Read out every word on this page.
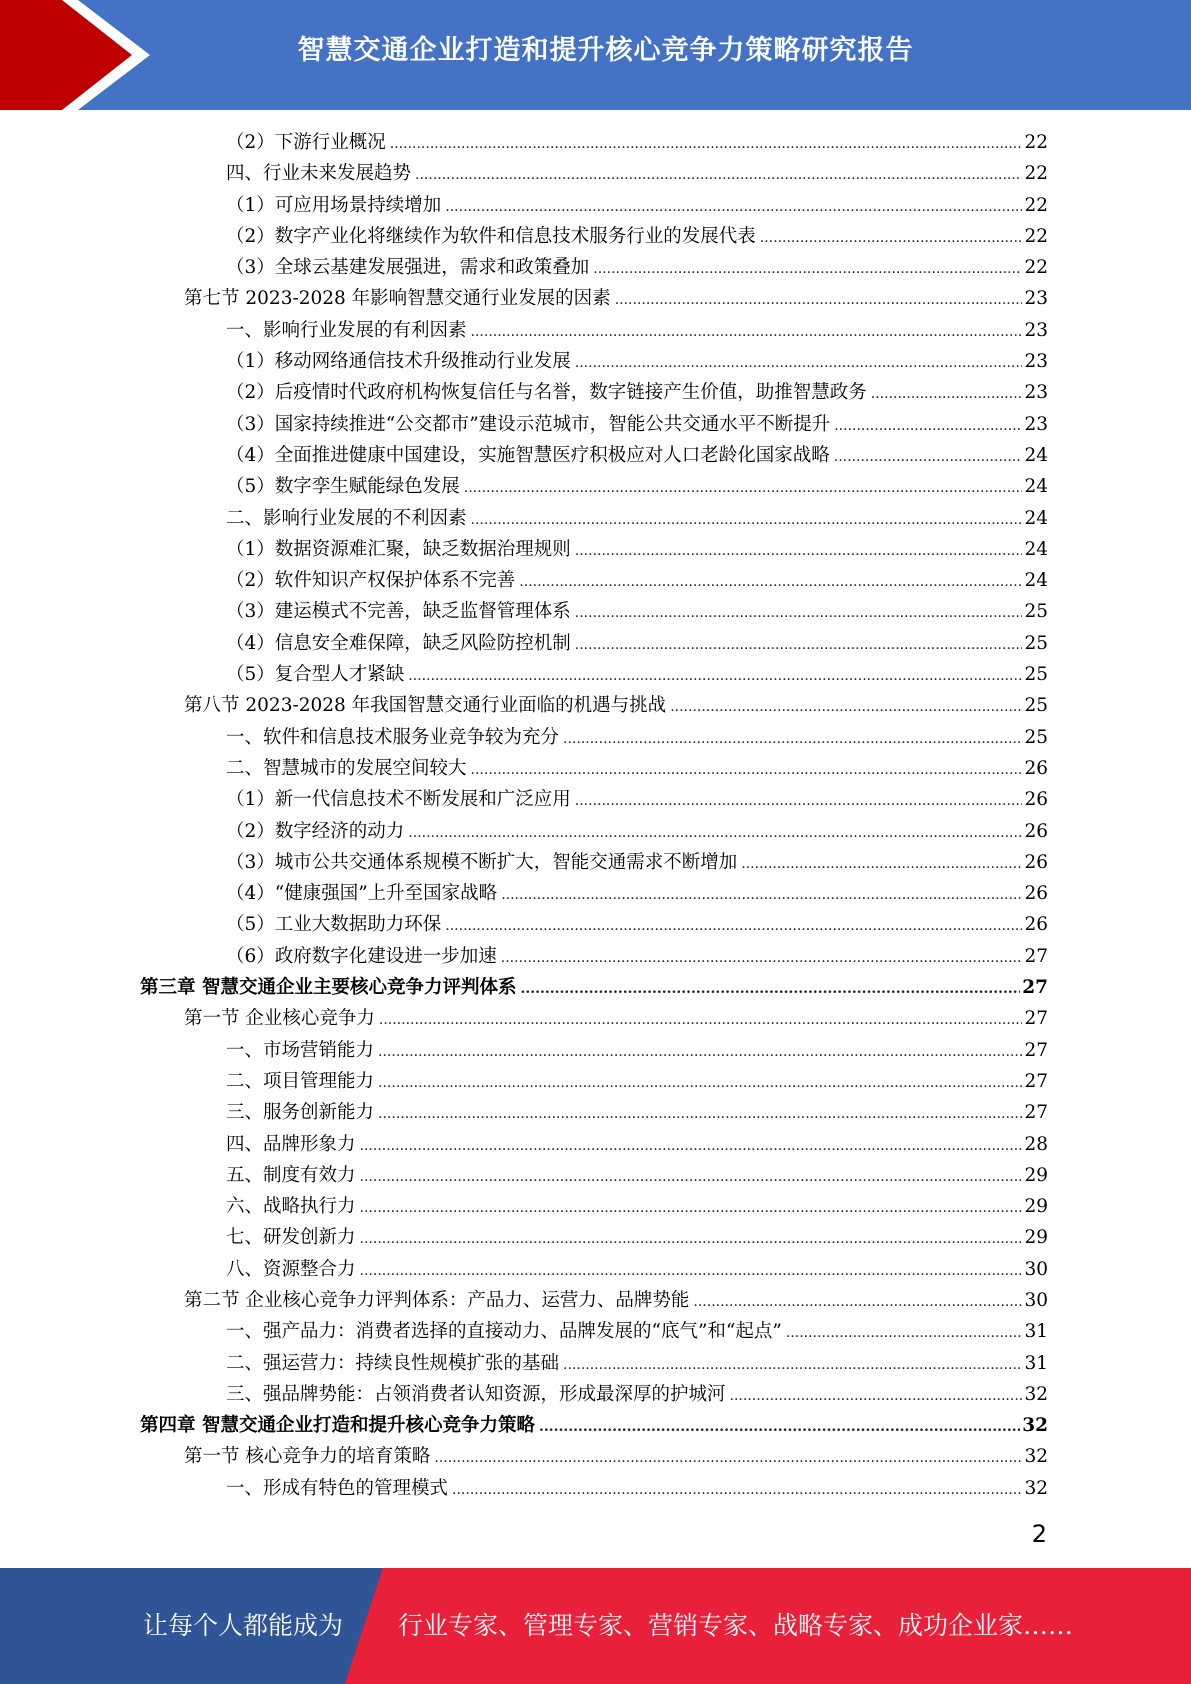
智慧交通企业打造和提升核心竞争力策略研究报告
（2）下游行业概况 .....	22
四、行业未来发展趋势 .....	22
（1）可应用场景持续增加 .....	22
（2）数字产业化将继续作为软件和信息技术服务行业的发展代表 .....	22
（3）全球云基建发展强进，需求和政策叠加 .....	22
第七节 2023-2028 年影响智慧交通行业发展的因素 .....	23
一、影响行业发展的有利因素 .....	23
（1）移动网络通信技术升级推动行业发展 .....	23
（2）后疫情时代政府机构恢复信任与名誉，数字链接产生价值，助推智慧政务 .....	23
（3）国家持续推进“公交都市”建设示范城市，智能公共交通水平不断提升 .....	23
（4）全面推进健康中国建设，实施智慧医疗积极应对人口老龄化国家战略 .....	24
（5）数字孪生赋能绿色发展 .....	24
二、影响行业发展的不利因素 .....	24
（1）数据资源难汇聚，缺乏数据治理规则 .....	24
（2）软件知识产权保护体系不完善 .....	24
（3）建运模式不完善，缺乏监督管理体系 .....	25
（4）信息安全难保障，缺乏风险防控机制 .....	25
（5）复合型人才紧缺 .....	25
第八节 2023-2028 年我国智慧交通行业面临的机遇与挑战 .....	25
一、软件和信息技术服务业竞争较为充分 .....	25
二、智慧城市的发展空间较大 .....	26
（1）新一代信息技术不断发展和广泛应用 .....	26
（2）数字经济的动力 .....	26
（3）城市公共交通体系规模不断扩大，智能交通需求不断增加 .....	26
（4）“健康强国”上升至国家战略 .....	26
（5）工业大数据助力环保 .....	26
（6）政府数字化建设进一步加速 .....	27
第三章 智慧交通企业主要核心竞争力评判体系 .....	27
第一节 企业核心竞争力 .....	27
一、市场营销能力 .....	27
二、项目管理能力 .....	27
三、服务创新能力 .....	27
四、品牌形象力 .....	28
五、制度有效力 .....	29
六、战略执行力 .....	29
七、研发创新力 .....	29
八、资源整合力 .....	30
第二节 企业核心竞争力评判体系：产品力、运营力、品牌势能 .....	30
一、强产品力：消费者选择的直接动力、品牌发展的“底气”和“起点” .....	31
二、强运营力：持续良性规模扩张的基础 .....	31
三、强品牌势能：占领消费者认知资源，形成最深厚的护城河 .....	32
第四章 智慧交通企业打造和提升核心竞争力策略 .....	32
第一节 核心竞争力的培育策略 .....	32
一、形成有特色的管理模式 .....	32
2
让每个人都能成为 行业专家、管理专家、营销专家、战略专家、成功企业家……
